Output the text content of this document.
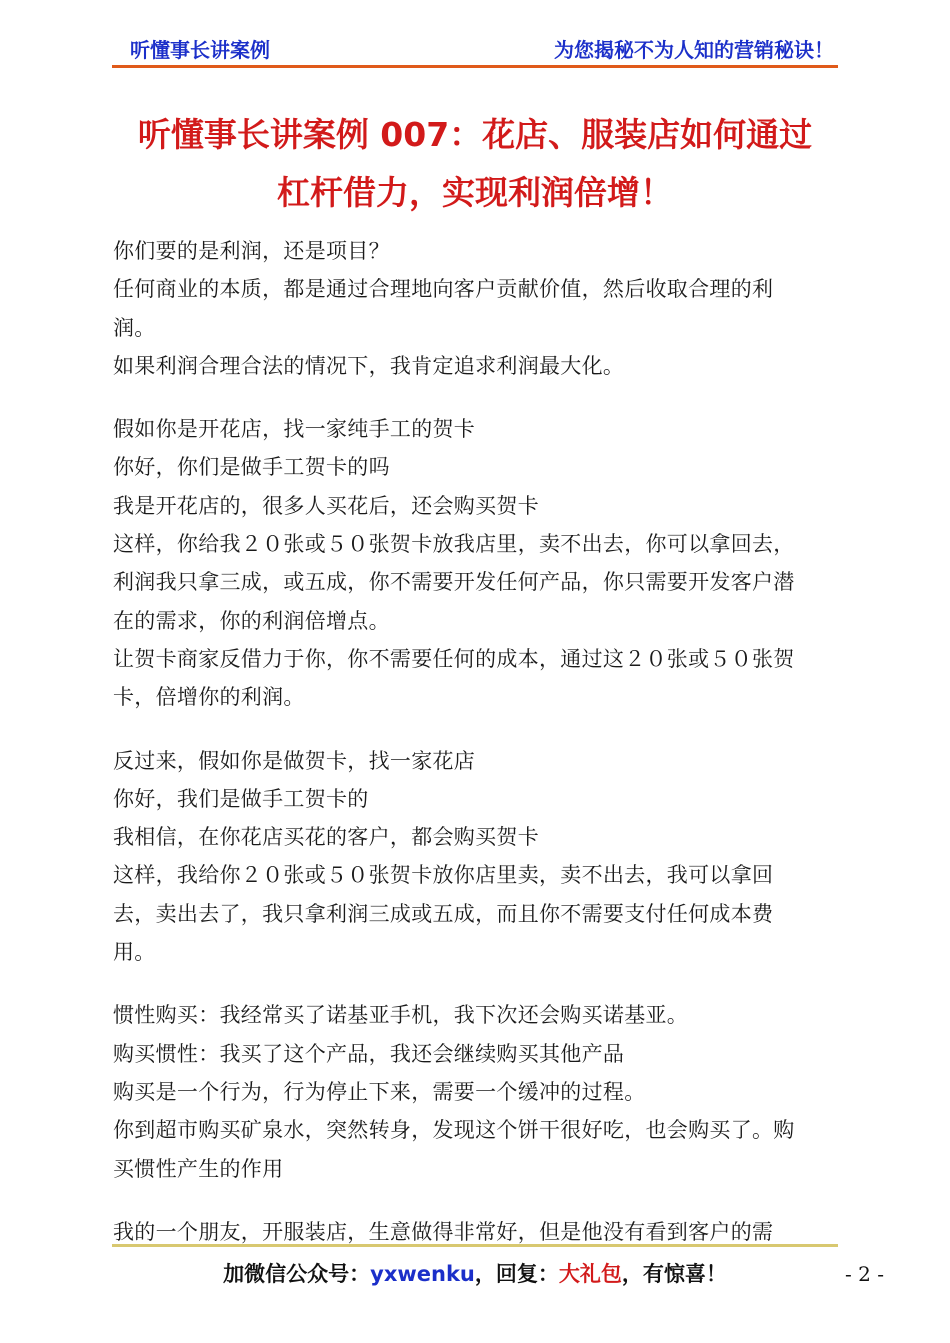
听懂事长讲案例	为您揭秘不为人知的营销秘诀！
听懂事长讲案例 007：花店、服装店如何通过
杠杆借力，实现利润倍增！

你们要的是利润，还是项目？

任何商业的本质，都是通过合理地向客户贡献价值，然后收取合理的利

润。

如果利润合理合法的情况下，我肯定追求利润最大化。

假如你是开花店，找一家纯手工的贺卡

你好，你们是做手工贺卡的吗

我是开花店的，很多人买花后，还会购买贺卡

这样，你给我２０张或５０张贺卡放我店里，卖不出去，你可以拿回去，

利润我只拿三成，或五成，你不需要开发任何产品，你只需要开发客户潜

在的需求，你的利润倍增点。

让贺卡商家反借力于你，你不需要任何的成本，通过这２０张或５０张贺

卡，倍增你的利润。

反过来，假如你是做贺卡，找一家花店

你好，我们是做手工贺卡的

我相信，在你花店买花的客户，都会购买贺卡

这样，我给你２０张或５０张贺卡放你店里卖，卖不出去，我可以拿回

去，卖出去了，我只拿利润三成或五成，而且你不需要支付任何成本费

用。

惯性购买：我经常买了诺基亚手机，我下次还会购买诺基亚。

购买惯性：我买了这个产品，我还会继续购买其他产品

购买是一个行为，行为停止下来，需要一个缓冲的过程。

你到超市购买矿泉水，突然转身，发现这个饼干很好吃，也会购买了。购

买惯性产生的作用

我的一个朋友，开服装店，生意做得非常好，但是他没有看到客户的需

加微信公众号：yxwenku，回复：大礼包，有惊喜！	- 2 -
